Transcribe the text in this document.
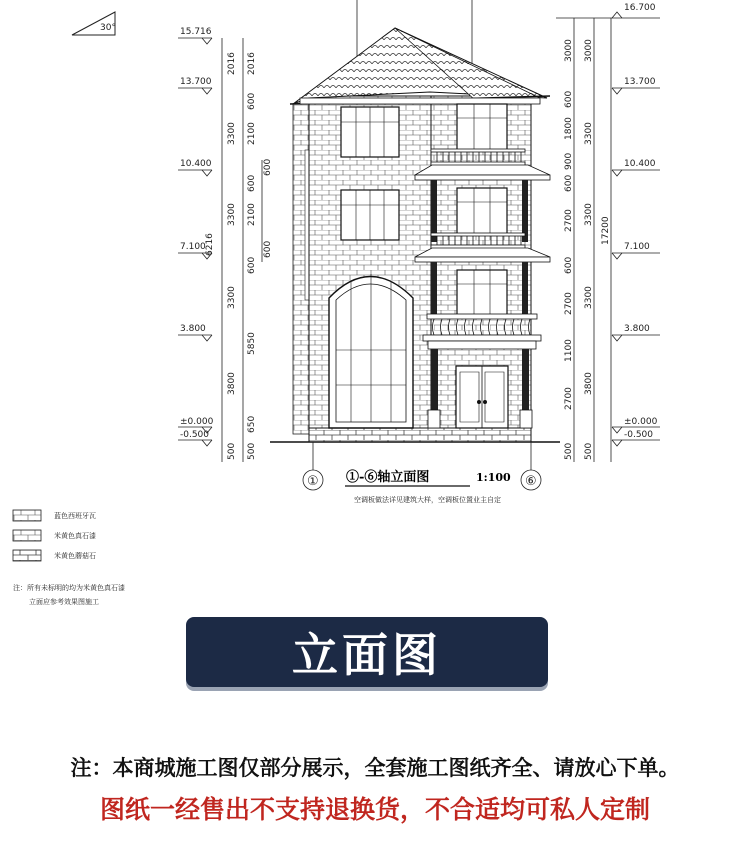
30°	15.716
13.700
10.400
7.100
3.800
±0.000
-0.500
2016
3300
3300
3300
3800
500
2016
600
2100
600
2100
600
5850
650
500
600
600
6216
16.700
13.700
10.400
7.100
3.800
±0.000
-0.500
3000
600
1800
900
600
2700
600
2700
1100
2700
500
3000
3300
3300
3300
3800
500
17200
①	⑥
①-⑥轴立面图	1:100
空调板做法详见建筑大样，空调板位置业主自定
蓝色西班牙瓦
米黄色真石漆
米黄色蘑菇石
注：所有未标明的均为米黄色真石漆
立面应参考效果图施工
立面图
注：本商城施工图仅部分展示，全套施工图纸齐全、请放心下单。
图纸一经售出不支持退换货，不合适均可私人定制
